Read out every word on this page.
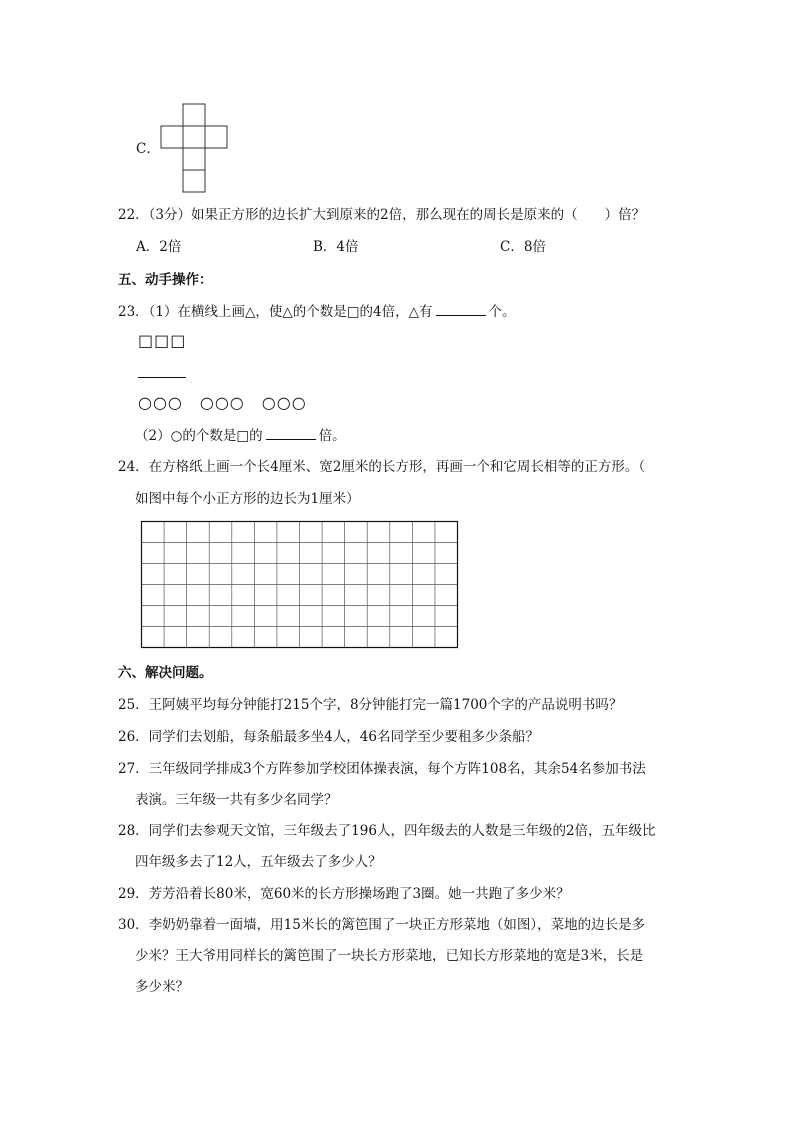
C．
22．（3分）如果正方形的边长扩大到原来的2倍，那么现在的周长是原来的（　　）倍？
A．2倍	B．4倍	C．8倍
五、动手操作：
23．（1）在横线上画△，使△的个数是□的4倍，△有	个。
□□□
○○○　○○○　○○○
（2）○的个数是□的	倍。
24．在方格纸上画一个长4厘米、宽2厘米的长方形，再画一个和它周长相等的正方形。（
如图中每个小正方形的边长为1厘米）
六、解决问题。
25．王阿姨平均每分钟能打215个字，8分钟能打完一篇1700个字的产品说明书吗？
26．同学们去划船，每条船最多坐4人，46名同学至少要租多少条船？
27．三年级同学排成3个方阵参加学校团体操表演，每个方阵108名，其余54名参加书法
表演。三年级一共有多少名同学？
28．同学们去参观天文馆，三年级去了196人，四年级去的人数是三年级的2倍，五年级比
四年级多去了12人，五年级去了多少人？
29．芳芳沿着长80米，宽60米的长方形操场跑了3圈。她一共跑了多少米？
30．李奶奶靠着一面墙，用15米长的篱笆围了一块正方形菜地（如图），菜地的边长是多
少米？王大爷用同样长的篱笆围了一块长方形菜地，已知长方形菜地的宽是3米，长是
多少米？
